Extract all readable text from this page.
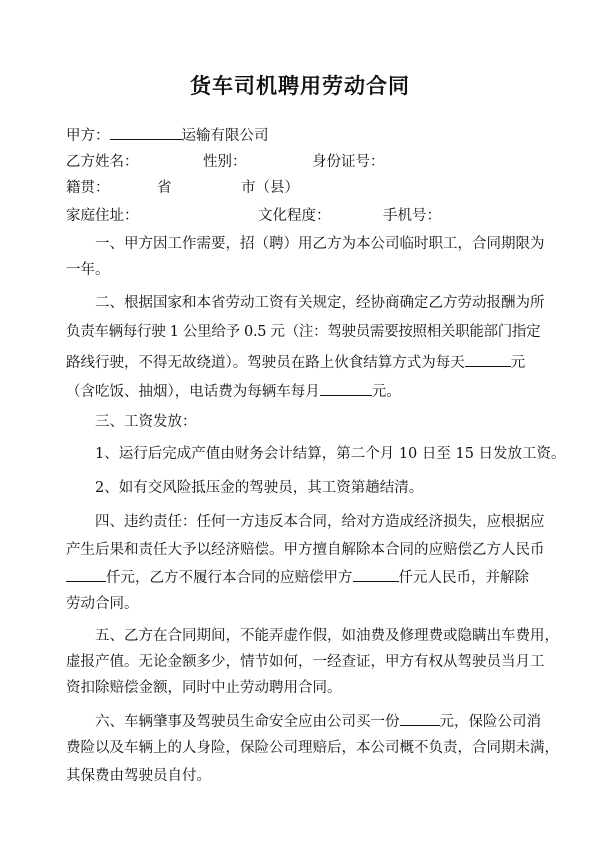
货车司机聘用劳动合同
甲方：	运输有限公司
乙方姓名：	性别：	身份证号：
籍贯：	省	市（县）
家庭住址：	文化程度：	手机号：
一、甲方因工作需要，招（聘）用乙方为本公司临时职工，合同期限为
一年。
二、根据国家和本省劳动工资有关规定，经协商确定乙方劳动报酬为所
负责车辆每行驶 1 公里给予 0.5 元（注：驾驶员需要按照相关职能部门指定
路线行驶，不得无故绕道）。驾驶员在路上伙食结算方式为每天	元
（含吃饭、抽烟），电话费为每辆车每月	元。
三、工资发放：
1、运行后完成产值由财务会计结算，第二个月 10 日至 15 日发放工资。
2、如有交风险抵压金的驾驶员，其工资第趟结清。
四、违约责任：任何一方违反本合同，给对方造成经济损失，应根据应
产生后果和责任大予以经济赔偿。甲方擅自解除本合同的应赔偿乙方人民币
仟元，乙方不履行本合同的应赔偿甲方	仟元人民币，并解除
劳动合同。
五、乙方在合同期间，不能弄虚作假，如油费及修理费或隐瞒出车费用，
虚报产值。无论金额多少，情节如何，一经查证，甲方有权从驾驶员当月工
资扣除赔偿金额，同时中止劳动聘用合同。
六、车辆肇事及驾驶员生命安全应由公司买一份	元，保险公司消
费险以及车辆上的人身险，保险公司理赔后，本公司概不负责，合同期未满，
其保费由驾驶员自付。
